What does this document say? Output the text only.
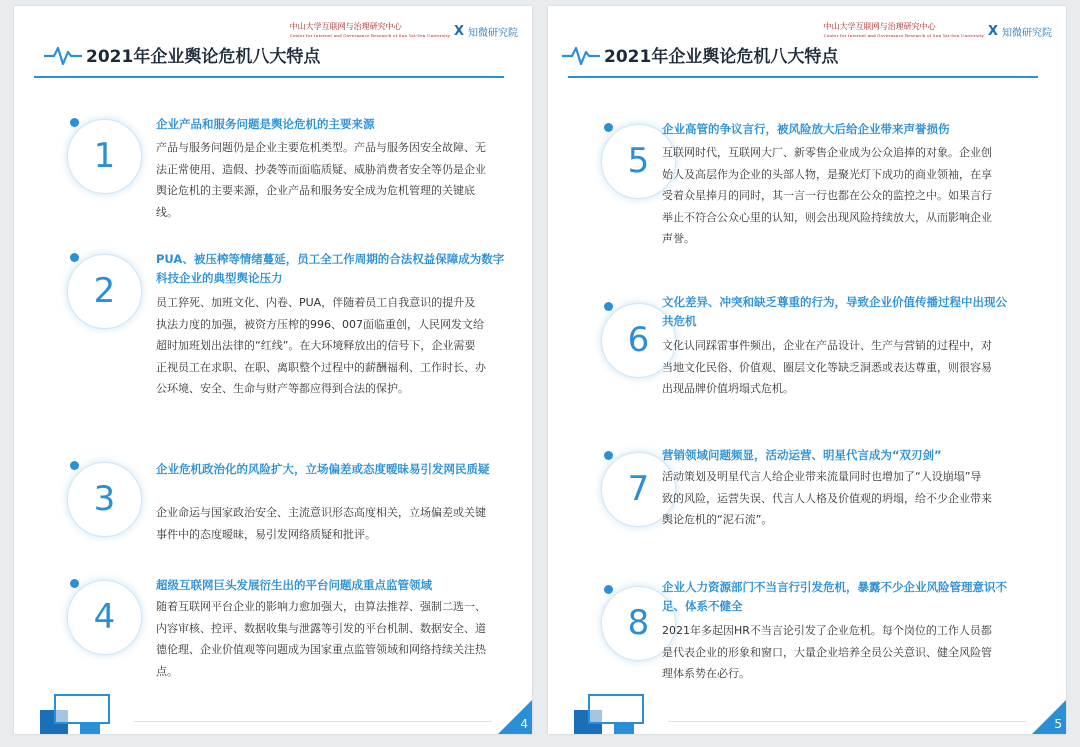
中山大学互联网与治理研究中心
Center for Internet and Governance Research of Sun Yat-Sen University X 知微研究院
2021年企业舆论危机八大特点
1
企业产品和服务问题是舆论危机的主要来源
产品与服务问题仍是企业主要危机类型。产品与服务因安全故障、无法正常使用、造假、抄袭等而面临质疑、威胁消费者安全等仍是企业舆论危机的主要来源，企业产品和服务安全成为危机管理的关键底线。
2
PUA、被压榨等情绪蔓延，员工全工作周期的合法权益保障成为数字科技企业的典型舆论压力
员工猝死、加班文化、内卷、PUA，伴随着员工自我意识的提升及执法力度的加强，被资方压榨的996、007面临重创，人民网发文给超时加班划出法律的“红线”。在大环境释放出的信号下，企业需要正视员工在求职、在职、离职整个过程中的薪酬福利、工作时长、办公环境、安全、生命与财产等都应得到合法的保护。
3
企业危机政治化的风险扩大，立场偏差或态度暧昧易引发网民质疑
企业命运与国家政治安全、主流意识形态高度相关，立场偏差或关键事件中的态度暧昧，易引发网络质疑和批评。
4
超级互联网巨头发展衍生出的平台问题成重点监管领域
随着互联网平台企业的影响力愈加强大，由算法推荐、强制二选一、内容审核、控评、数据收集与泄露等引发的平台机制、数据安全、道德伦理、企业价值观等问题成为国家重点监管领域和网络持续关注热点。
4
中山大学互联网与治理研究中心
Center for Internet and Governance Research of Sun Yat-Sen University X 知微研究院
2021年企业舆论危机八大特点
5
企业高管的争议言行，被风险放大后给企业带来声誉损伤
互联网时代，互联网大厂、新零售企业成为公众追捧的对象。企业创始人及高层作为企业的头部人物，是聚光灯下成功的商业领袖，在享受着众星捧月的同时，其一言一行也都在公众的监控之中。如果言行举止不符合公众心里的认知，则会出现风险持续放大，从而影响企业声誉。
6
文化差异、冲突和缺乏尊重的行为，导致企业价值传播过程中出现公共危机
文化认同踩雷事件频出，企业在产品设计、生产与营销的过程中，对当地文化民俗、价值观、圈层文化等缺乏洞悉或表达尊重，则很容易出现品牌价值坍塌式危机。
7
营销领域问题频显，活动运营、明星代言成为“双刃剑”
活动策划及明星代言人给企业带来流量同时也增加了“人设崩塌”导致的风险，运营失误、代言人人格及价值观的坍塌，给不少企业带来舆论危机的“泥石流”。
8
企业人力资源部门不当言行引发危机，暴露不少企业风险管理意识不足、体系不健全
2021年多起因HR不当言论引发了企业危机。每个岗位的工作人员都是代表企业的形象和窗口，大量企业培养全员公关意识、健全风险管理体系势在必行。
5
